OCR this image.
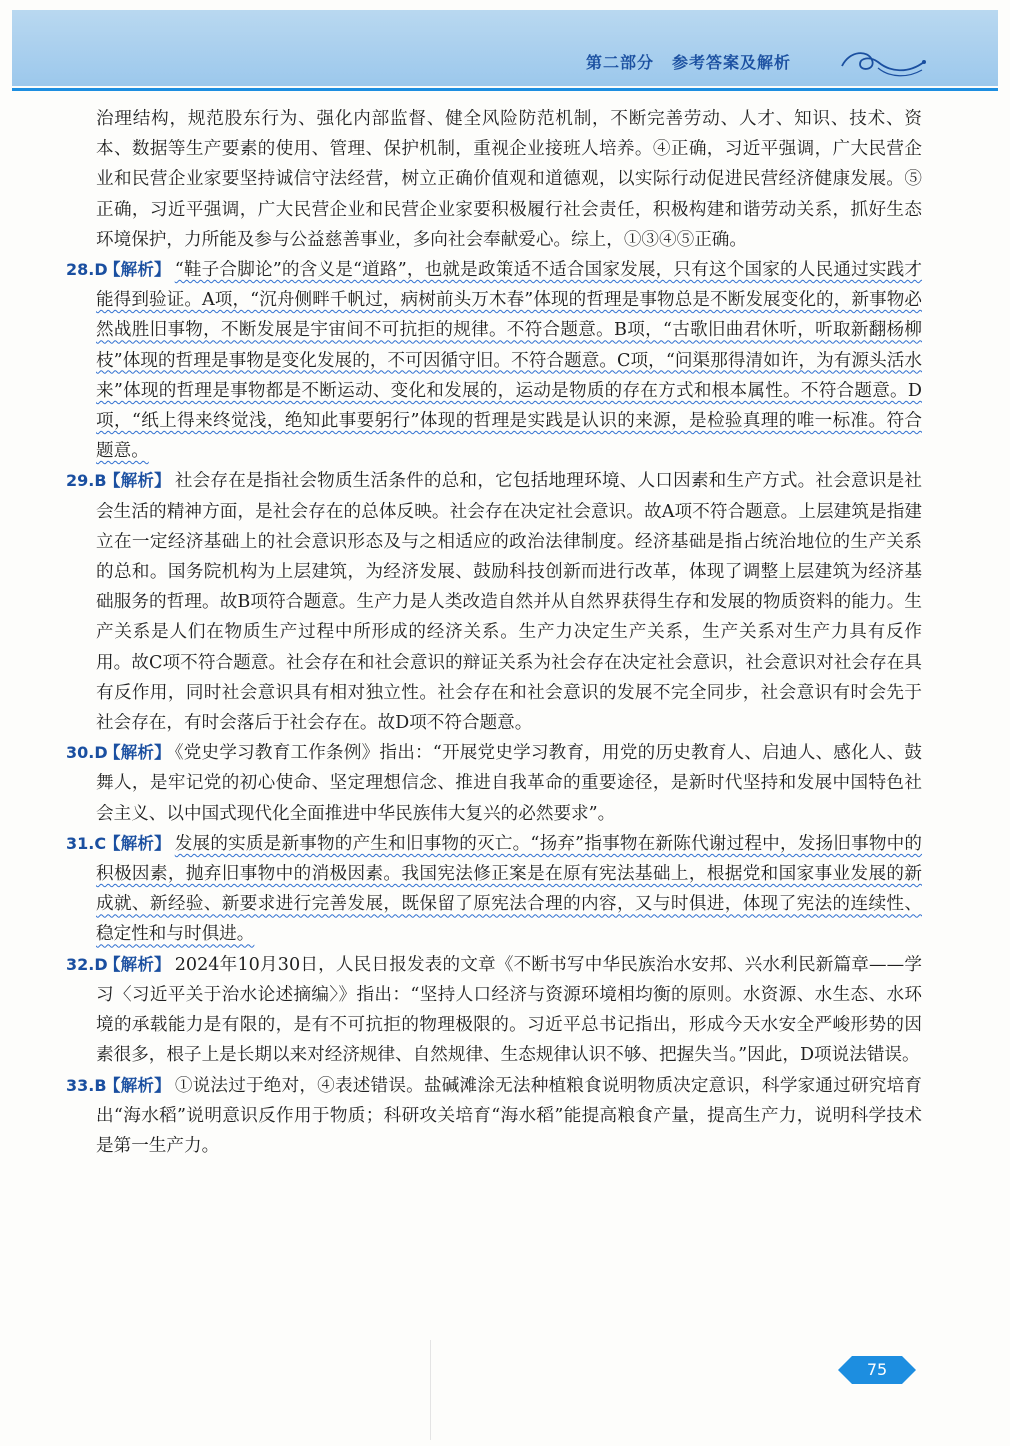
第二部分 参考答案及解析

治理结构，规范股东行为、强化内部监督、健全风险防范机制，不断完善劳动、人才、知识、技术、资本、数据等生产要素的使用、管理、保护机制，重视企业接班人培养。④正确，习近平强调，广大民营企业和民营企业家要坚持诚信守法经营，树立正确价值观和道德观，以实际行动促进民营经济健康发展。⑤正确，习近平强调，广大民营企业和民营企业家要积极履行社会责任，积极构建和谐劳动关系，抓好生态环境保护，力所能及参与公益慈善事业，多向社会奉献爱心。综上，①③④⑤正确。

28.D
【解析】 “鞋子合脚论”的含义是“道路”，也就是政策适不适合国家发展，只有这个国家的人民通过实践才能得到验证。A项，“沉舟侧畔千帆过，病树前头万木春”体现的哲理是事物总是不断发展变化的，新事物必然战胜旧事物，不断发展是宇宙间不可抗拒的规律。不符合题意。B项，“古歌旧曲君休听，听取新翻杨柳枝”体现的哲理是事物是变化发展的，不可因循守旧。不符合题意。C项，“问渠那得清如许，为有源头活水来”体现的哲理是事物都是不断运动、变化和发展的，运动是物质的存在方式和根本属性。不符合题意。D项，“纸上得来终觉浅，绝知此事要躬行”体现的哲理是实践是认识的来源，是检验真理的唯一标准。符合题意。

29.B
【解析】 社会存在是指社会物质生活条件的总和，它包括地理环境、人口因素和生产方式。社会意识是社会生活的精神方面，是社会存在的总体反映。社会存在决定社会意识。故A项不符合题意。上层建筑是指建立在一定经济基础上的社会意识形态及与之相适应的政治法律制度。经济基础是指占统治地位的生产关系的总和。国务院机构为上层建筑，为经济发展、鼓励科技创新而进行改革，体现了调整上层建筑为经济基础服务的哲理。故B项符合题意。生产力是人类改造自然并从自然界获得生存和发展的物质资料的能力。生产关系是人们在物质生产过程中所形成的经济关系。生产力决定生产关系，生产关系对生产力具有反作用。故C项不符合题意。社会存在和社会意识的辩证关系为社会存在决定社会意识，社会意识对社会存在具有反作用，同时社会意识具有相对独立性。社会存在和社会意识的发展不完全同步，社会意识有时会先于社会存在，有时会落后于社会存在。故D项不符合题意。

30.D
【解析】 《党史学习教育工作条例》指出：“开展党史学习教育，用党的历史教育人、启迪人、感化人、鼓舞人，是牢记党的初心使命、坚定理想信念、推进自我革命的重要途径，是新时代坚持和发展中国特色社会主义、以中国式现代化全面推进中华民族伟大复兴的必然要求”。

31.C
【解析】 发展的实质是新事物的产生和旧事物的灭亡。“扬弃”指事物在新陈代谢过程中，发扬旧事物中的积极因素，抛弃旧事物中的消极因素。我国宪法修正案是在原有宪法基础上，根据党和国家事业发展的新成就、新经验、新要求进行完善发展，既保留了原宪法合理的内容，又与时俱进，体现了宪法的连续性、稳定性和与时俱进。

32.D
【解析】 2024年10月30日，人民日报发表的文章《不断书写中华民族治水安邦、兴水利民新篇章——学习〈习近平关于治水论述摘编〉》指出：“坚持人口经济与资源环境相均衡的原则。水资源、水生态、水环境的承载能力是有限的，是有不可抗拒的物理极限的。习近平总书记指出，形成今天水安全严峻形势的因素很多，根子上是长期以来对经济规律、自然规律、生态规律认识不够、把握失当。”因此，D项说法错误。

33.B
【解析】 ①说法过于绝对，④表述错误。盐碱滩涂无法种植粮食说明物质决定意识，科学家通过研究培育出“海水稻”说明意识反作用于物质；科研攻关培育“海水稻”能提高粮食产量，提高生产力，说明科学技术是第一生产力。

75
